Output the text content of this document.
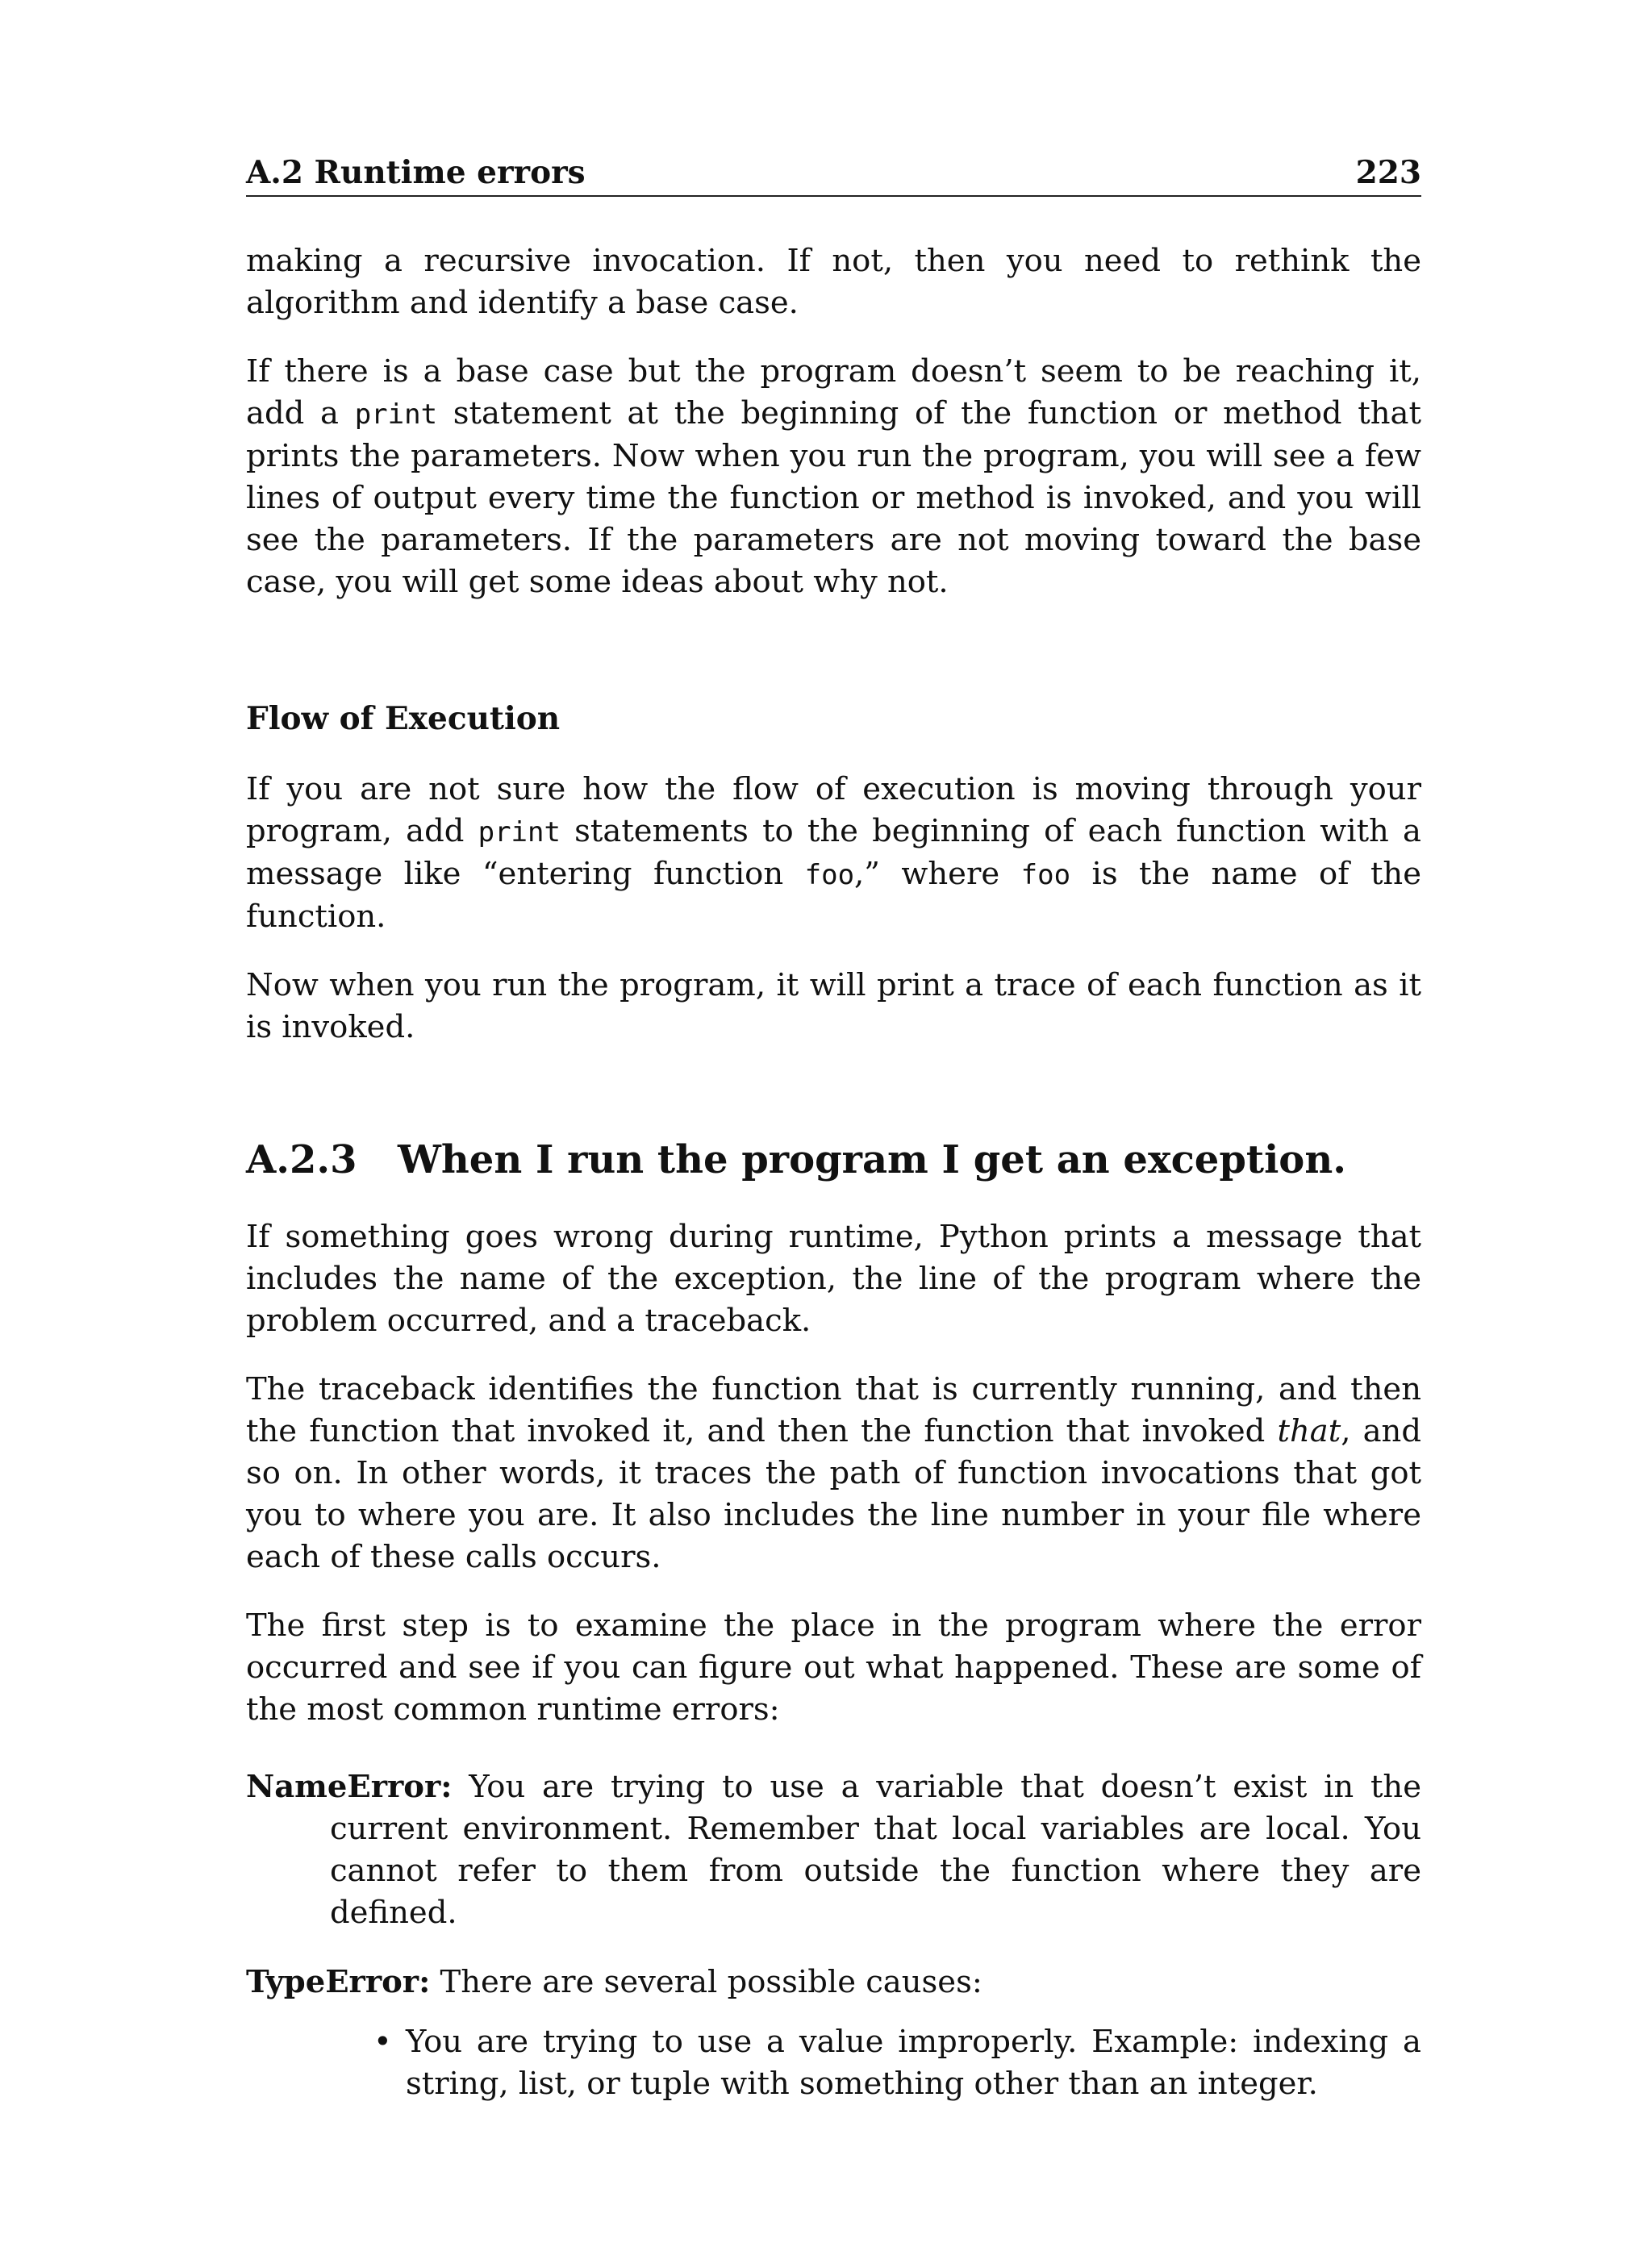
A.2 Runtime errors	223

making a recursive invocation. If not, then you need to rethink the algorithm and identify a base case.

If there is a base case but the program doesn’t seem to be reaching it, add a print statement at the beginning of the function or method that prints the parameters. Now when you run the program, you will see a few lines of output every time the function or method is invoked, and you will see the parameters. If the parameters are not moving toward the base case, you will get some ideas about why not.

Flow of Execution

If you are not sure how the flow of execution is moving through your program, add print statements to the beginning of each function with a message like “entering function foo,” where foo is the name of the function.

Now when you run the program, it will print a trace of each function as it is invoked.

A.2.3 When I run the program I get an exception.

If something goes wrong during runtime, Python prints a message that includes the name of the exception, the line of the program where the problem occurred, and a traceback.

The traceback identifies the function that is currently running, and then the function that invoked it, and then the function that invoked that, and so on. In other words, it traces the path of function invocations that got you to where you are. It also includes the line number in your file where each of these calls occurs.

The first step is to examine the place in the program where the error occurred and see if you can figure out what happened. These are some of the most common runtime errors:

NameError: You are trying to use a variable that doesn’t exist in the current environment. Remember that local variables are local. You cannot refer to them from outside the function where they are defined.

TypeError: There are several possible causes:

• You are trying to use a value improperly. Example: indexing a string, list, or tuple with something other than an integer.
